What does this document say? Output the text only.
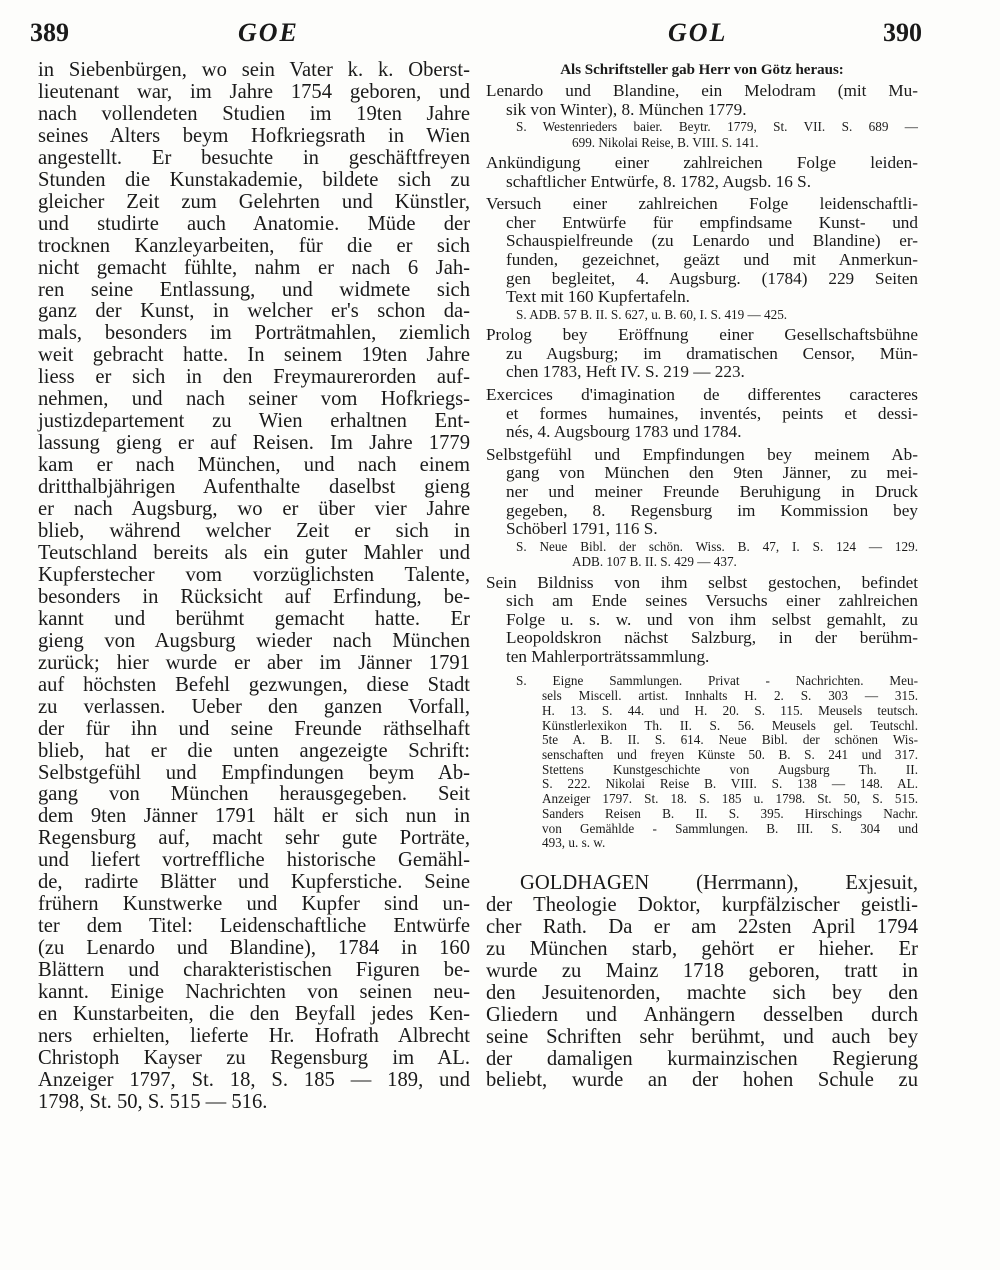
389	GOE	GOL	390
in Siebenbürgen, wo sein Vater k. k. Oberst-
lieutenant war, im Jahre 1754 geboren, und
nach vollendeten Studien im 19ten Jahre
seines Alters beym Hofkriegsrath in Wien
angestellt. Er besuchte in geschäftfreyen
Stunden die Kunstakademie, bildete sich zu
gleicher Zeit zum Gelehrten und Künstler,
und studirte auch Anatomie. Müde der
trocknen Kanzleyarbeiten, für die er sich
nicht gemacht fühlte, nahm er nach 6 Jah-
ren seine Entlassung, und widmete sich
ganz der Kunst, in welcher er's schon da-
mals, besonders im Porträtmahlen, ziemlich
weit gebracht hatte. In seinem 19ten Jahre
liess er sich in den Freymaurerorden auf-
nehmen, und nach seiner vom Hofkriegs-
justizdepartement zu Wien erhaltnen Ent-
lassung gieng er auf Reisen. Im Jahre 1779
kam er nach München, und nach einem
dritthalbjährigen Aufenthalte daselbst gieng
er nach Augsburg, wo er über vier Jahre
blieb, während welcher Zeit er sich in
Teutschland bereits als ein guter Mahler und
Kupferstecher vom vorzüglichsten Talente,
besonders in Rücksicht auf Erfindung, be-
kannt und berühmt gemacht hatte. Er
gieng von Augsburg wieder nach München
zurück; hier wurde er aber im Jänner 1791
auf höchsten Befehl gezwungen, diese Stadt
zu verlassen. Ueber den ganzen Vorfall,
der für ihn und seine Freunde räthselhaft
blieb, hat er die unten angezeigte Schrift:
Selbstgefühl und Empfindungen beym Ab-
gang von München herausgegeben. Seit
dem 9ten Jänner 1791 hält er sich nun in
Regensburg auf, macht sehr gute Porträte,
und liefert vortreffliche historische Gemähl-
de, radirte Blätter und Kupferstiche. Seine
frühern Kunstwerke und Kupfer sind un-
ter dem Titel: Leidenschaftliche Entwürfe
(zu Lenardo und Blandine), 1784 in 160
Blättern und charakteristischen Figuren be-
kannt. Einige Nachrichten von seinen neu-
en Kunstarbeiten, die den Beyfall jedes Ken-
ners erhielten, lieferte Hr. Hofrath Albrecht
Christoph Kayser zu Regensburg im AL.
Anzeiger 1797, St. 18, S. 185 — 189, und
1798, St. 50, S. 515 — 516.
Als Schriftsteller gab Herr von Götz heraus:
Lenardo und Blandine, ein Melodram (mit Mu-
sik von Winter), 8. München 1779.
S. Westenrieders baier. Beytr. 1779, St. VII. S. 689 —
699. Nikolai Reise, B. VIII. S. 141.
Ankündigung einer zahlreichen Folge leiden-
schaftlicher Entwürfe, 8. 1782, Augsb. 16 S.
Versuch einer zahlreichen Folge leidenschaftli-
cher Entwürfe für empfindsame Kunst- und
Schauspielfreunde (zu Lenardo und Blandine) er-
funden, gezeichnet, geäzt und mit Anmerkun-
gen begleitet, 4. Augsburg. (1784) 229 Seiten
Text mit 160 Kupfertafeln.
S. ADB. 57 B. II. S. 627, u. B. 60, I. S. 419 — 425.
Prolog bey Eröffnung einer Gesellschaftsbühne
zu Augsburg; im dramatischen Censor, Mün-
chen 1783, Heft IV. S. 219 — 223.
Exercices d'imagination de differentes caracteres
et formes humaines, inventés, peints et dessi-
nés, 4. Augsbourg 1783 und 1784.
Selbstgefühl und Empfindungen bey meinem Ab-
gang von München den 9ten Jänner, zu mei-
ner und meiner Freunde Beruhigung in Druck
gegeben, 8. Regensburg im Kommission bey
Schöberl 1791, 116 S.
S. Neue Bibl. der schön. Wiss. B. 47, I. S. 124 — 129.
ADB. 107 B. II. S. 429 — 437.
Sein Bildniss von ihm selbst gestochen, befindet
sich am Ende seines Versuchs einer zahlreichen
Folge u. s. w. und von ihm selbst gemahlt, zu
Leopoldskron nächst Salzburg, in der berühm-
ten Mahlerporträtssammlung.
S. Eigne Sammlungen. Privat - Nachrichten. Meu-
sels Miscell. artist. Innhalts H. 2. S. 303 — 315.
H. 13. S. 44. und H. 20. S. 115. Meusels teutsch.
Künstlerlexikon Th. II. S. 56. Meusels gel. Teutschl.
5te A. B. II. S. 614. Neue Bibl. der schönen Wis-
senschaften und freyen Künste 50. B. S. 241 und 317.
Stettens Kunstgeschichte von Augsburg Th. II.
S. 222. Nikolai Reise B. VIII. S. 138 — 148. AL.
Anzeiger 1797. St. 18. S. 185 u. 1798. St. 50, S. 515.
Sanders Reisen B. II. S. 395. Hirschings Nachr.
von Gemählde - Sammlungen. B. III. S. 304 und
493, u. s. w.
GOLDHAGEN (Herrmann), Exjesuit,
der Theologie Doktor, kurpfälzischer geistli-
cher Rath. Da er am 22sten April 1794
zu München starb, gehört er hieher. Er
wurde zu Mainz 1718 geboren, tratt in
den Jesuitenorden, machte sich bey den
Gliedern und Anhängern desselben durch
seine Schriften sehr berühmt, und auch bey
der damaligen kurmainzischen Regierung
beliebt, wurde an der hohen Schule zu
